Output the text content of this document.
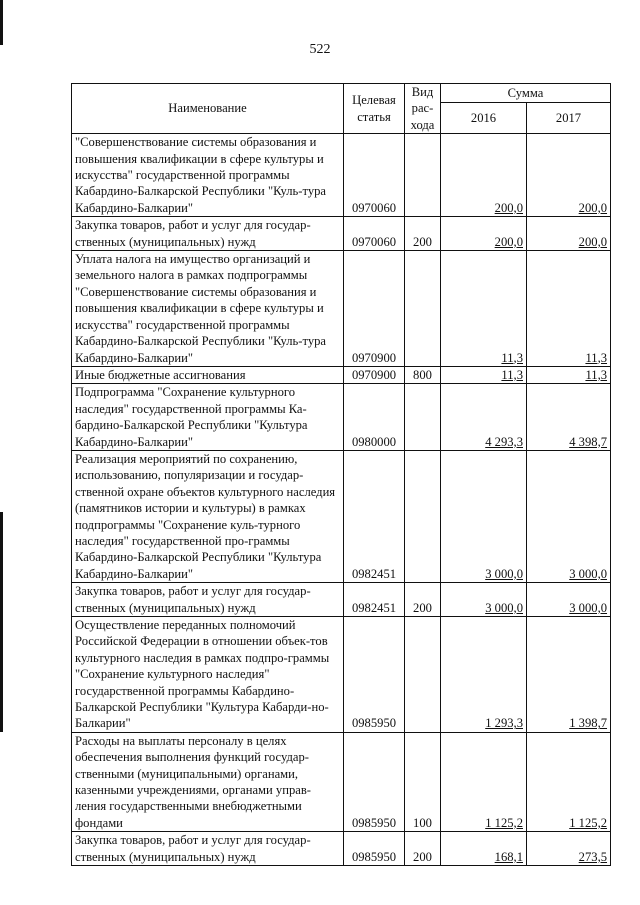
522
Наименование	Целевая статья	Вид рас-хода	Сумма	
			2016	2017
"Совершенствование системы образования и повышения квалификации в сфере культуры и искусства" государственной программы Кабардино-Балкарской Республики "Куль-тура Кабардино-Балкарии"	0970060		200,0	200,0
Закупка товаров, работ и услуг для государ-ственных (муниципальных) нужд	0970060	200	200,0	200,0
Уплата налога на имущество организаций и земельного налога в рамках подпрограммы "Совершенствование системы образования и повышения квалификации в сфере культуры и искусства" государственной программы Кабардино-Балкарской Республики "Куль-тура Кабардино-Балкарии"	0970900		11,3	11,3
Иные бюджетные ассигнования	0970900	800	11,3	11,3
Подпрограмма "Сохранение культурного наследия" государственной программы Ка-бардино-Балкарской Республики "Культура Кабардино-Балкарии"	0980000		4 293,3	4 398,7
Реализация мероприятий по сохранению, использованию, популяризации и государ-ственной охране объектов культурного наследия (памятников истории и культуры) в рамках подпрограммы "Сохранение куль-турного наследия" государственной про-граммы Кабардино-Балкарской Республики "Культура Кабардино-Балкарии"	0982451		3 000,0	3 000,0
Закупка товаров, работ и услуг для государ-ственных (муниципальных) нужд	0982451	200	3 000,0	3 000,0
Осуществление переданных полномочий Российской Федерации в отношении объек-тов культурного наследия в рамках подпро-граммы "Сохранение культурного наследия" государственной программы Кабардино-Балкарской Республики "Культура Кабарди-но-Балкарии"	0985950		1 293,3	1 398,7
Расходы на выплаты персоналу в целях обеспечения выполнения функций государ-ственными (муниципальными) органами, казенными учреждениями, органами управ-ления государственными внебюджетными фондами	0985950	100	1 125,2	1 125,2
Закупка товаров, работ и услуг для государ-ственных (муниципальных) нужд	0985950	200	168,1	273,5
